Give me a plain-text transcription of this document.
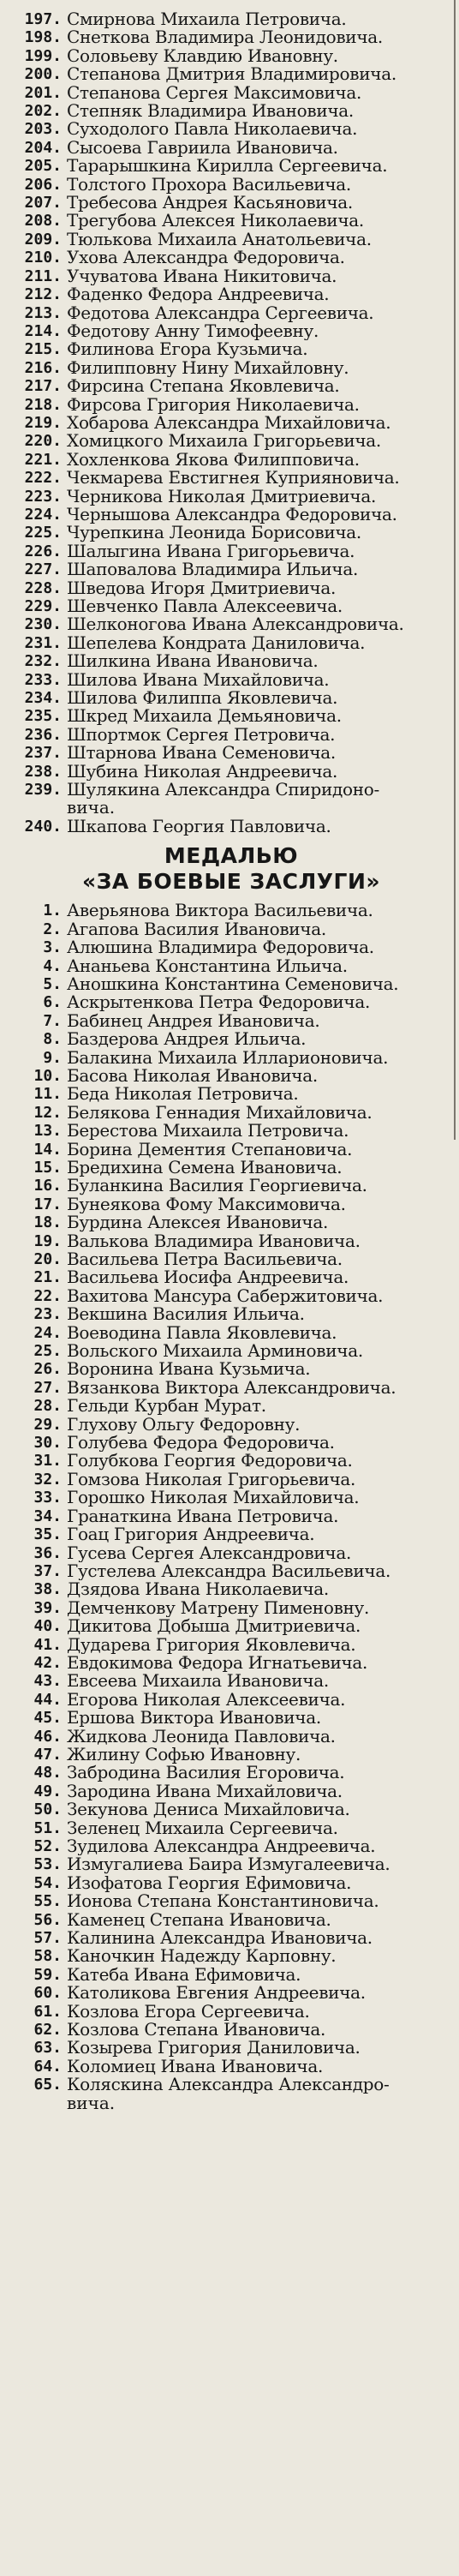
197. Смирнова Михаила Петровича.
198. Снеткова Владимира Леонидовича.
199. Соловьеву Клавдию Ивановну.
200. Степанова Дмитрия Владимировича.
201. Степанова Сергея Максимовича.
202. Степняк Владимира Ивановича.
203. Суходолого Павла Николаевича.
204. Сысоева Гавриила Ивановича.
205. Тарарышкина Кирилла Сергеевича.
206. Толстого Прохора Васильевича.
207. Требесова Андрея Касьяновича.
208. Трегубова Алексея Николаевича.
209. Тюлькова Михаила Анатольевича.
210. Ухова Александра Федоровича.
211. Учуватова Ивана Никитовича.
212. Фаденко Федора Андреевича.
213. Федотова Александра Сергеевича.
214. Федотову Анну Тимофеевну.
215. Филинова Егора Кузьмича.
216. Филипповну Нину Михайловну.
217. Фирсина Степана Яковлевича.
218. Фирсова Григория Николаевича.
219. Хобарова Александра Михайловича.
220. Хомицкого Михаила Григорьевича.
221. Хохленкова Якова Филипповича.
222. Чекмарева Евстигнея Куприяновича.
223. Черникова Николая Дмитриевича.
224. Чернышова Александра Федоровича.
225. Чурепкина Леонида Борисовича.
226. Шалыгина Ивана Григорьевича.
227. Шаповалова Владимира Ильича.
228. Шведова Игоря Дмитриевича.
229. Шевченко Павла Алексеевича.
230. Шелконогова Ивана Александровича.
231. Шепелева Кондрата Даниловича.
232. Шилкина Ивана Ивановича.
233. Шилова Ивана Михайловича.
234. Шилова Филиппа Яковлевича.
235. Шкред Михаила Демьяновича.
236. Шпортмок Сергея Петровича.
237. Штарнова Ивана Семеновича.
238. Шубина Николая Андреевича.
239. Шулякина Александра Спиридоно-
вича.
240. Шкапова Георгия Павловича.
МЕДАЛЬЮ
«ЗА БОЕВЫЕ ЗАСЛУГИ»
1. Аверьянова Виктора Васильевича.
2. Агапова Василия Ивановича.
3. Алюшина Владимира Федоровича.
4. Ананьева Константина Ильича.
5. Аношкина Константина Семеновича.
6. Аскрытенкова Петра Федоровича.
7. Бабинец Андрея Ивановича.
8. Баздерова Андрея Ильича.
9. Балакина Михаила Илларионовича.
10. Басова Николая Ивановича.
11. Беда Николая Петровича.
12. Белякова Геннадия Михайловича.
13. Берестова Михаила Петровича.
14. Борина Дементия Степановича.
15. Бредихина Семена Ивановича.
16. Буланкина Василия Георгиевича.
17. Бунеякова Фому Максимовича.
18. Бурдина Алексея Ивановича.
19. Валькова Владимира Ивановича.
20. Васильева Петра Васильевича.
21. Васильева Иосифа Андреевича.
22. Вахитова Мансура Сабержитовича.
23. Векшина Василия Ильича.
24. Воеводина Павла Яковлевича.
25. Вольского Михаила Арминовича.
26. Воронина Ивана Кузьмича.
27. Вязанкова Виктора Александровича.
28. Гельди Курбан Мурат.
29. Глухову Ольгу Федоровну.
30. Голубева Федора Федоровича.
31. Голубкова Георгия Федоровича.
32. Гомзова Николая Григорьевича.
33. Горошко Николая Михайловича.
34. Гранаткина Ивана Петровича.
35. Гоац Григория Андреевича.
36. Гусева Сергея Александровича.
37. Густелева Александра Васильевича.
38. Дзядова Ивана Николаевича.
39. Демченкову Матрену Пименовну.
40. Дикитова Добыша Дмитриевича.
41. Дударева Григория Яковлевича.
42. Евдокимова Федора Игнатьевича.
43. Евсеева Михаила Ивановича.
44. Егорова Николая Алексеевича.
45. Ершова Виктора Ивановича.
46. Жидкова Леонида Павловича.
47. Жилину Софью Ивановну.
48. Забродина Василия Егоровича.
49. Зародина Ивана Михайловича.
50. Зекунова Дениса Михайловича.
51. Зеленец Михаила Сергеевича.
52. Зудилова Александра Андреевича.
53. Измугалиева Баира Измугалеевича.
54. Изофатова Георгия Ефимовича.
55. Ионова Степана Константиновича.
56. Каменец Степана Ивановича.
57. Калинина Александра Ивановича.
58. Каночкин Надежду Карповну.
59. Катеба Ивана Ефимовича.
60. Католикова Евгения Андреевича.
61. Козлова Егора Сергеевича.
62. Козлова Степана Ивановича.
63. Козырева Григория Даниловича.
64. Коломиец Ивана Ивановича.
65. Коляскина Александра Александро-
вича.
